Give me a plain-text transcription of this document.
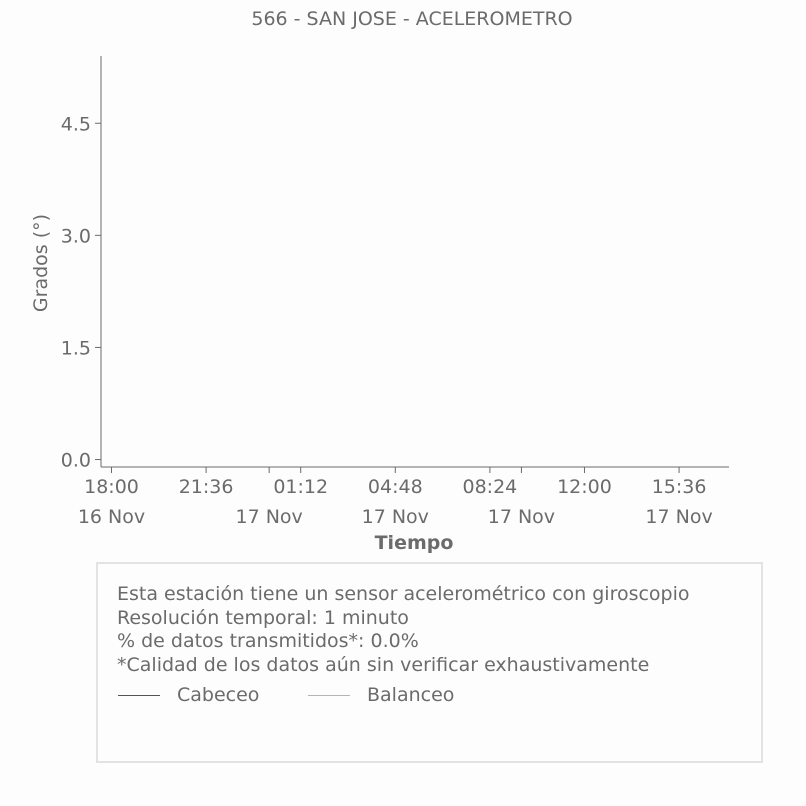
566 - SAN JOSE - ACELEROMETRO
0.0
1.5
3.0
4.5
18:00
16 Nov
21:36
17 Nov
01:12 04:48
17 Nov
08:24
17 Nov
12:00 15:36
17 Nov
Tiempo
Grados (°)
Esta estación tiene un sensor acelerométrico con giroscopio
Resolución temporal: 1 minuto
% de datos transmitidos*: 0.0%
*Calidad de los datos aún sin verificar exhaustivamente
Cabeceo	Balanceo
